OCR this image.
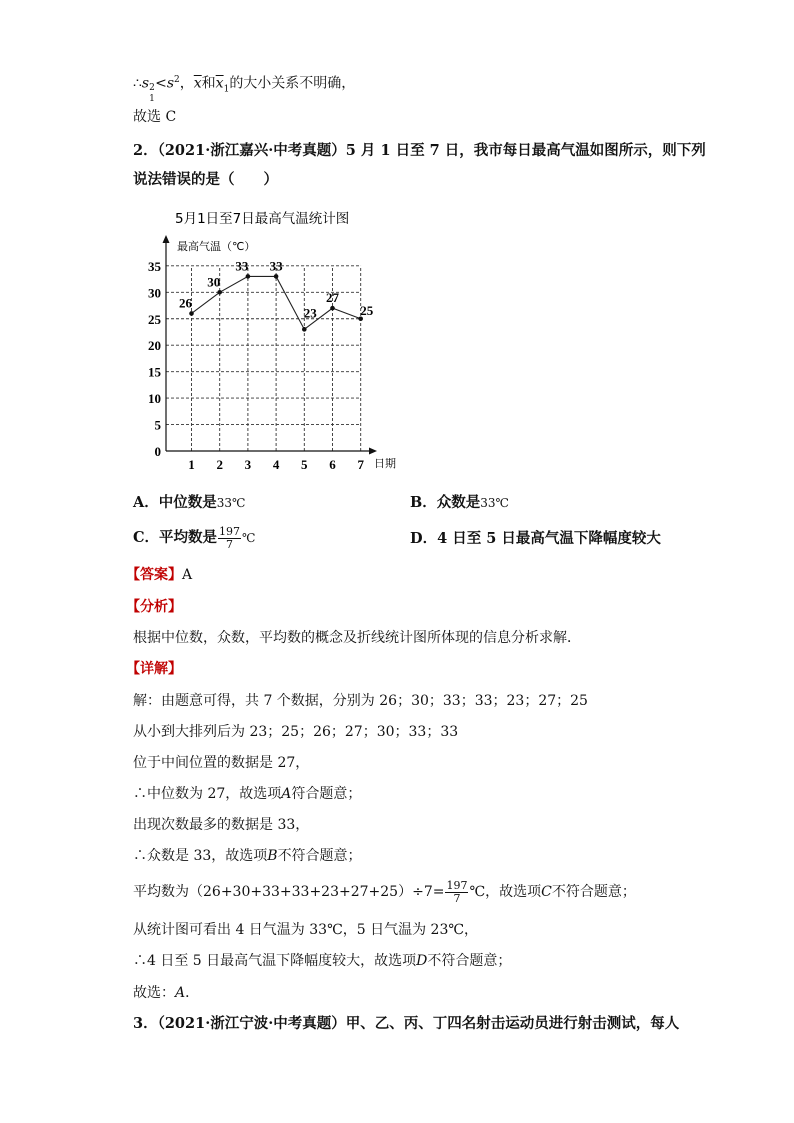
∴s 2
1
$<s^2$，$\overline{x}$和$\overline{x}_1$的大小关系不明确，
故选 C
2．（2021·浙江嘉兴·中考真题）5 月 1 日至 7 日，我市每日最高气温如图所示，则下列
说法错误的是（　　）
5月1日至7日最高气温统计图
最高气温（℃）
日期
0
5
10
15
20
25
30
35
1 2 3 4 5 6 7
26
30
33 33
23
27
25
A．中位数是33℃	B．众数是33℃
C．平均数是 $\frac{197}{7}$ ℃	D．4 日至 5 日最高气温下降幅度较大
【答案】A
【分析】
根据中位数，众数，平均数的概念及折线统计图所体现的信息分析求解．
【详解】
解：由题意可得，共 7 个数据，分别为 26；30；33；33；23；27；25
从小到大排列后为 23；25；26；27；30；33；33
位于中间位置的数据是 27，
∴中位数为 27，故选项A符合题意；
出现次数最多的数据是 33，
∴众数是 33，故选项B不符合题意；
平均数为$(26+30+33+33+23+27+25)\div 7= \frac{197}{7}$ ℃，故选项C不符合题意；
从统计图可看出 4 日气温为 33℃，5 日气温为 23℃，
∴4 日至 5 日最高气温下降幅度较大，故选项D不符合题意；
故选：A．
3．（2021·浙江宁波·中考真题）甲、乙、丙、丁四名射击运动员进行射击测试，每人
